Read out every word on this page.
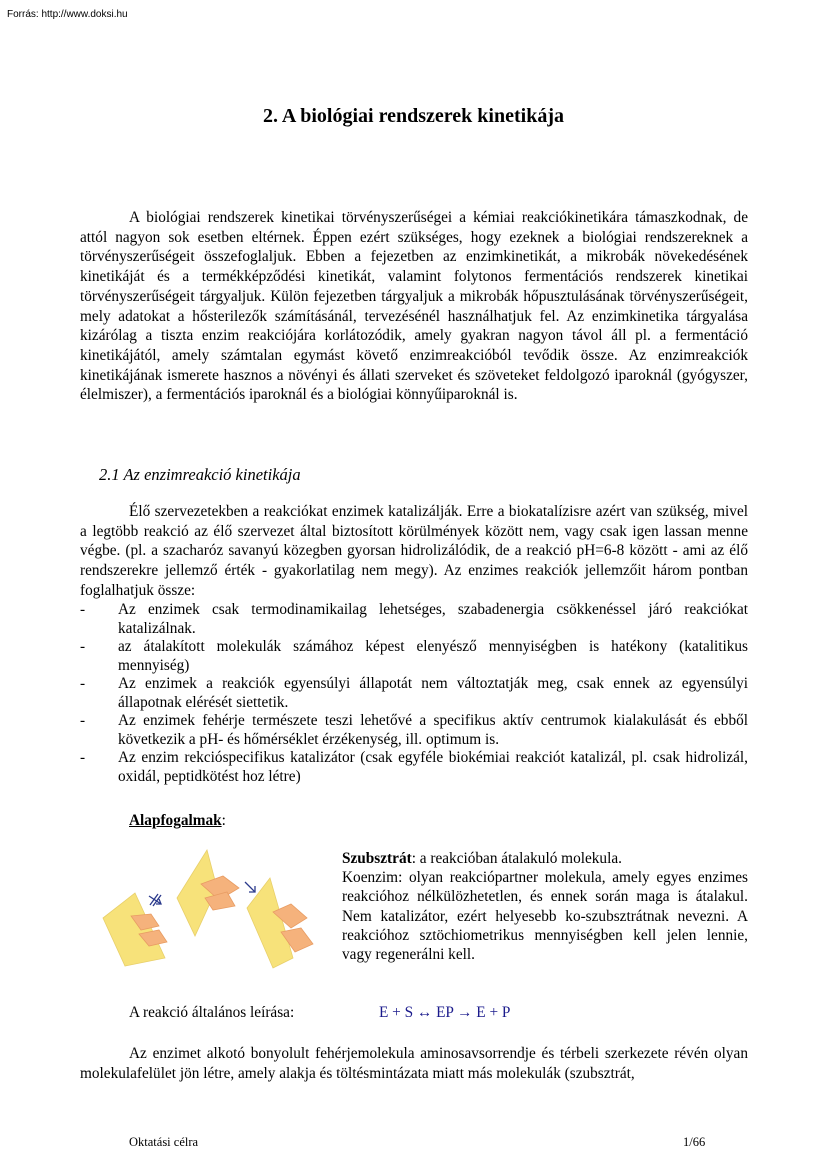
Forrás: http://www.doksi.hu
2. A biológiai rendszerek kinetikája

A biológiai rendszerek kinetikai törvényszerűségei a kémiai reakciókinetikára támaszkodnak, de attól nagyon sok esetben eltérnek. Éppen ezért szükséges, hogy ezeknek a biológiai rendszereknek a törvényszerűségeit összefoglaljuk. Ebben a fejezetben az enzimkinetikát, a mikrobák növekedésének kinetikáját és a termékképződési kinetikát, valamint folytonos fermentációs rendszerek kinetikai törvényszerűségeit tárgyaljuk. Külön fejezetben tárgyaljuk a mikrobák hőpusztulásának törvényszerűségeit, mely adatokat a hősterilezők számításánál, tervezésénél használhatjuk fel. Az enzimkinetika tárgyalása kizárólag a tiszta enzim reakciójára korlátozódik, amely gyakran nagyon távol áll pl. a fermentáció kinetikájától, amely számtalan egymást követő enzimreakcióból tevődik össze. Az enzimreakciók kinetikájának ismerete hasznos a növényi és állati szerveket és szöveteket feldolgozó iparoknál (gyógyszer, élelmiszer), a fermentációs iparoknál és a biológiai könnyűiparoknál is.

2.1 Az enzimreakció kinetikája

Élő szervezetekben a reakciókat enzimek katalizálják. Erre a biokatalízisre azért van szükség, mivel a legtöbb reakció az élő szervezet által biztosított körülmények között nem, vagy csak igen lassan menne végbe. (pl. a szacharóz savanyú közegben gyorsan hidrolizálódik, de a reakció pH=6-8 között - ami az élő rendszerekre jellemző érték - gyakorlatilag nem megy). Az enzimes reakciók jellemzőit három pontban foglalhatjuk össze:

- Az enzimek csak termodinamikailag lehetséges, szabadenergia csökkenéssel járó reakciókat katalizálnak.
- az átalakított molekulák számához képest elenyésző mennyiségben is hatékony (katalitikus mennyiség)
- Az enzimek a reakciók egyensúlyi állapotát nem változtatják meg, csak ennek az egyensúlyi állapotnak elérését siettetik.
- Az enzimek fehérje természete teszi lehetővé a specifikus aktív centrumok kialakulását és ebből következik a pH- és hőmérséklet érzékenység, ill. optimum is.
- Az enzim rekcióspecifikus katalizátor (csak egyféle biokémiai reakciót katalizál, pl. csak hidrolizál, oxidál, peptidkötést hoz létre)
Alapfogalmak:

Szubsztrát: a reakcióban átalakuló molekula.
Koenzim: olyan reakciópartner molekula, amely egyes enzimes reakcióhoz nélkülözhetetlen, és ennek során maga is átalakul. Nem katalizátor, ezért helyesebb ko-szubsztrátnak nevezni. A reakcióhoz sztöchiometrikus mennyiségben kell jelen lennie, vagy regenerálni kell.

A reakció általános leírása:	E + S ↔ EP → E + P

Az enzimet alkotó bonyolult fehérjemolekula aminosavsorrendje és térbeli szerkezete révén olyan molekulafelület jön létre, amely alakja és töltésmintázata miatt más molekulák (szubsztrát,

Oktatási célra	1/66
